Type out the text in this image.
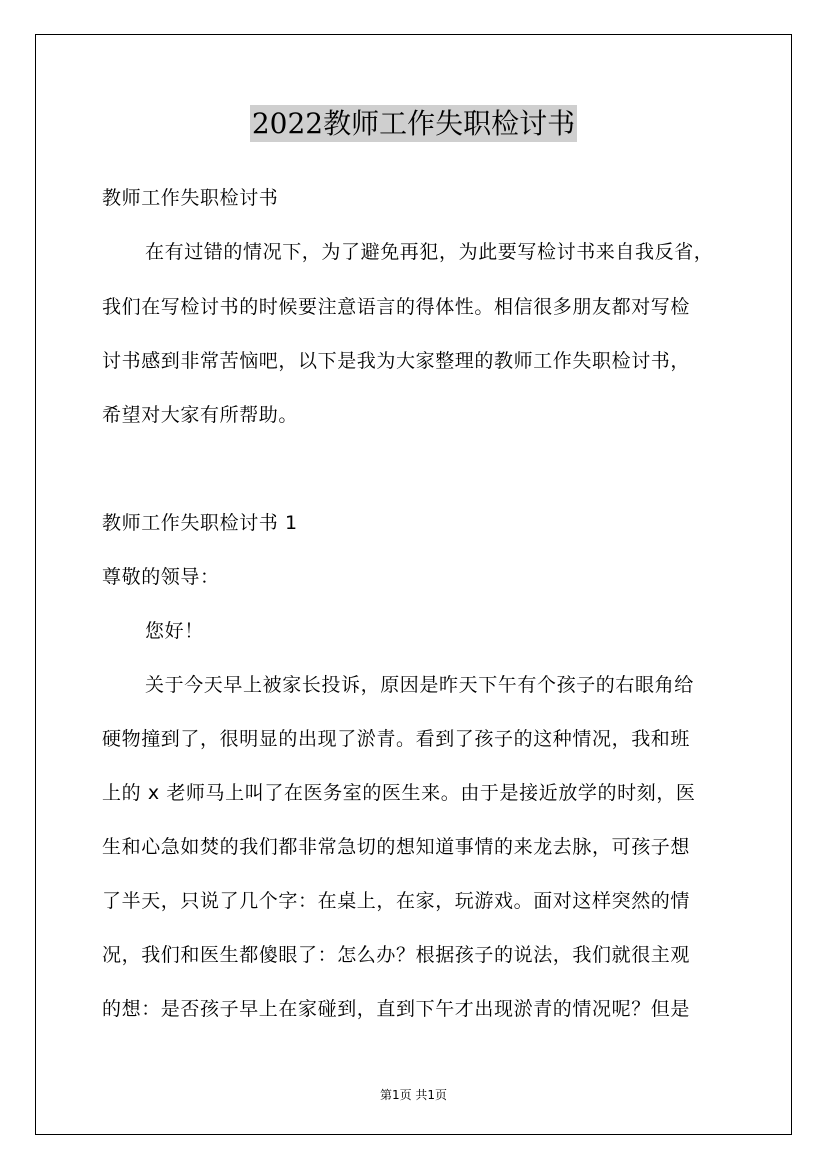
2022教师工作失职检讨书
教师工作失职检讨书
在有过错的情况下，为了避免再犯，为此要写检讨书来自我反省，
我们在写检讨书的时候要注意语言的得体性。相信很多朋友都对写检
讨书感到非常苦恼吧，以下是我为大家整理的教师工作失职检讨书，
希望对大家有所帮助。
教师工作失职检讨书 1
尊敬的领导：
您好！
关于今天早上被家长投诉，原因是昨天下午有个孩子的右眼角给
硬物撞到了，很明显的出现了淤青。看到了孩子的这种情况，我和班
上的 x 老师马上叫了在医务室的医生来。由于是接近放学的时刻，医
生和心急如焚的我们都非常急切的想知道事情的来龙去脉，可孩子想
了半天，只说了几个字：在桌上，在家，玩游戏。面对这样突然的情
况，我们和医生都傻眼了：怎么办？根据孩子的说法，我们就很主观
的想：是否孩子早上在家碰到，直到下午才出现淤青的情况呢？但是
第1页 共1页
